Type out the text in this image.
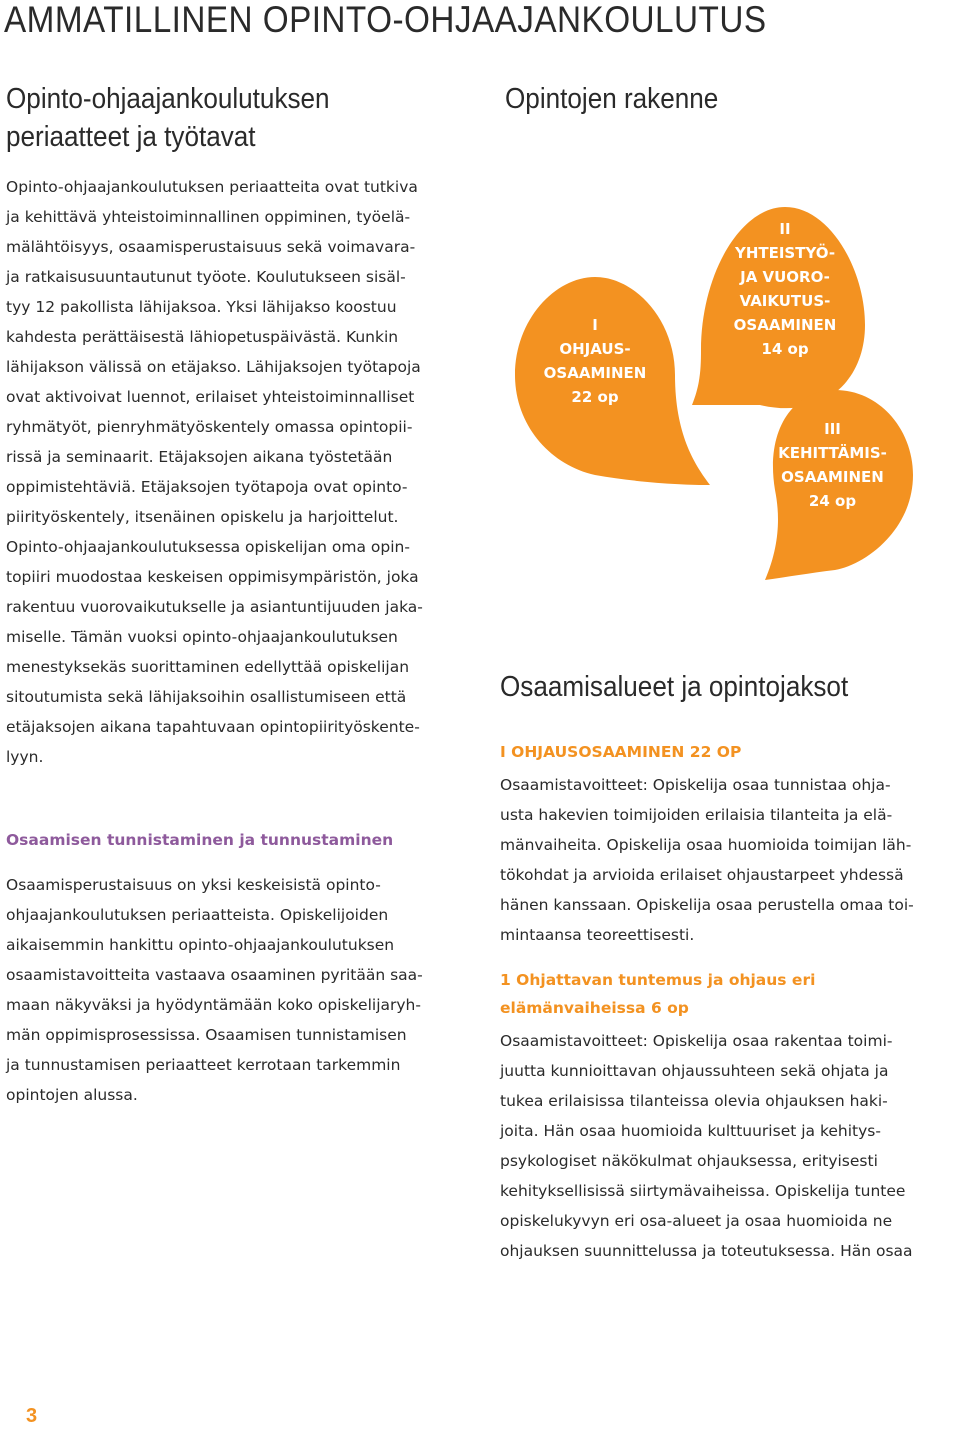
AMMATILLINEN OPINTO-OHJAAJANKOULUTUS
Opinto-ohjaajankoulutuksen
periaatteet ja työtavat
Opinto-ohjaajankoulutuksen periaatteita ovat tutkiva
ja kehittävä yhteistoiminnallinen oppiminen, työelä-
mälähtöisyys, osaamisperustaisuus sekä voimavara-
ja ratkaisusuuntautunut työote. Koulutukseen sisäl-
tyy 12 pakollista lähijaksoa. Yksi lähijakso koostuu
kahdesta perättäisestä lähiopetuspäivästä. Kunkin
lähijakson välissä on etäjakso. Lähijaksojen työtapoja
ovat aktivoivat luennot, erilaiset yhteistoiminnalliset
ryhmätyöt, pienryhmätyöskentely omassa opintopii-
rissä ja seminaarit. Etäjaksojen aikana työstetään
oppimistehtäviä. Etäjaksojen työtapoja ovat opinto-
piirityöskentely, itsenäinen opiskelu ja harjoittelut.
Opinto-ohjaajankoulutuksessa opiskelijan oma opin-
topiiri muodostaa keskeisen oppimisympäristön, joka
rakentuu vuorovaikutukselle ja asiantuntijuuden jaka-
miselle. Tämän vuoksi opinto-ohjaajankoulutuksen
menestyksekäs suorittaminen edellyttää opiskelijan
sitoutumista sekä lähijaksoihin osallistumiseen että
etäjaksojen aikana tapahtuvaan opintopiirityöskente-
lyyn.
Osaamisen tunnistaminen ja tunnustaminen
Osaamisperustaisuus on yksi keskeisistä opinto-
ohjaajankoulutuksen periaatteista. Opiskelijoiden
aikaisemmin hankittu opinto-ohjaajankoulutuksen
osaamistavoitteita vastaava osaaminen pyritään saa-
maan näkyväksi ja hyödyntämään koko opiskelijaryh-
män oppimisprosessissa. Osaamisen tunnistamisen
ja tunnustamisen periaatteet kerrotaan tarkemmin
opintojen alussa.
Opintojen rakenne
I
OHJAUS-
OSAAMINEN
22 op
II
YHTEISTYÖ-
JA VUORO-
VAIKUTUS-
OSAAMINEN
14 op
III
KEHITTÄMIS-
OSAAMINEN
24 op
Osaamisalueet ja opintojaksot
I OHJAUSOSAAMINEN 22 OP
Osaamistavoitteet: Opiskelija osaa tunnistaa ohja-
usta hakevien toimijoiden erilaisia tilanteita ja elä-
mänvaiheita. Opiskelija osaa huomioida toimijan läh-
tökohdat ja arvioida erilaiset ohjaustarpeet yhdessä
hänen kanssaan. Opiskelija osaa perustella omaa toi-
mintaansa teoreettisesti.
1 Ohjattavan tuntemus ja ohjaus eri
elämänvaiheissa 6 op
Osaamistavoitteet: Opiskelija osaa rakentaa toimi-
juutta kunnioittavan ohjaussuhteen sekä ohjata ja
tukea erilaisissa tilanteissa olevia ohjauksen haki-
joita. Hän osaa huomioida kulttuuriset ja kehitys-
psykologiset näkökulmat ohjauksessa, erityisesti
kehityksellisissä siirtymävaiheissa. Opiskelija tuntee
opiskelukyvyn eri osa-alueet ja osaa huomioida ne
ohjauksen suunnittelussa ja toteutuksessa. Hän osaa
3
